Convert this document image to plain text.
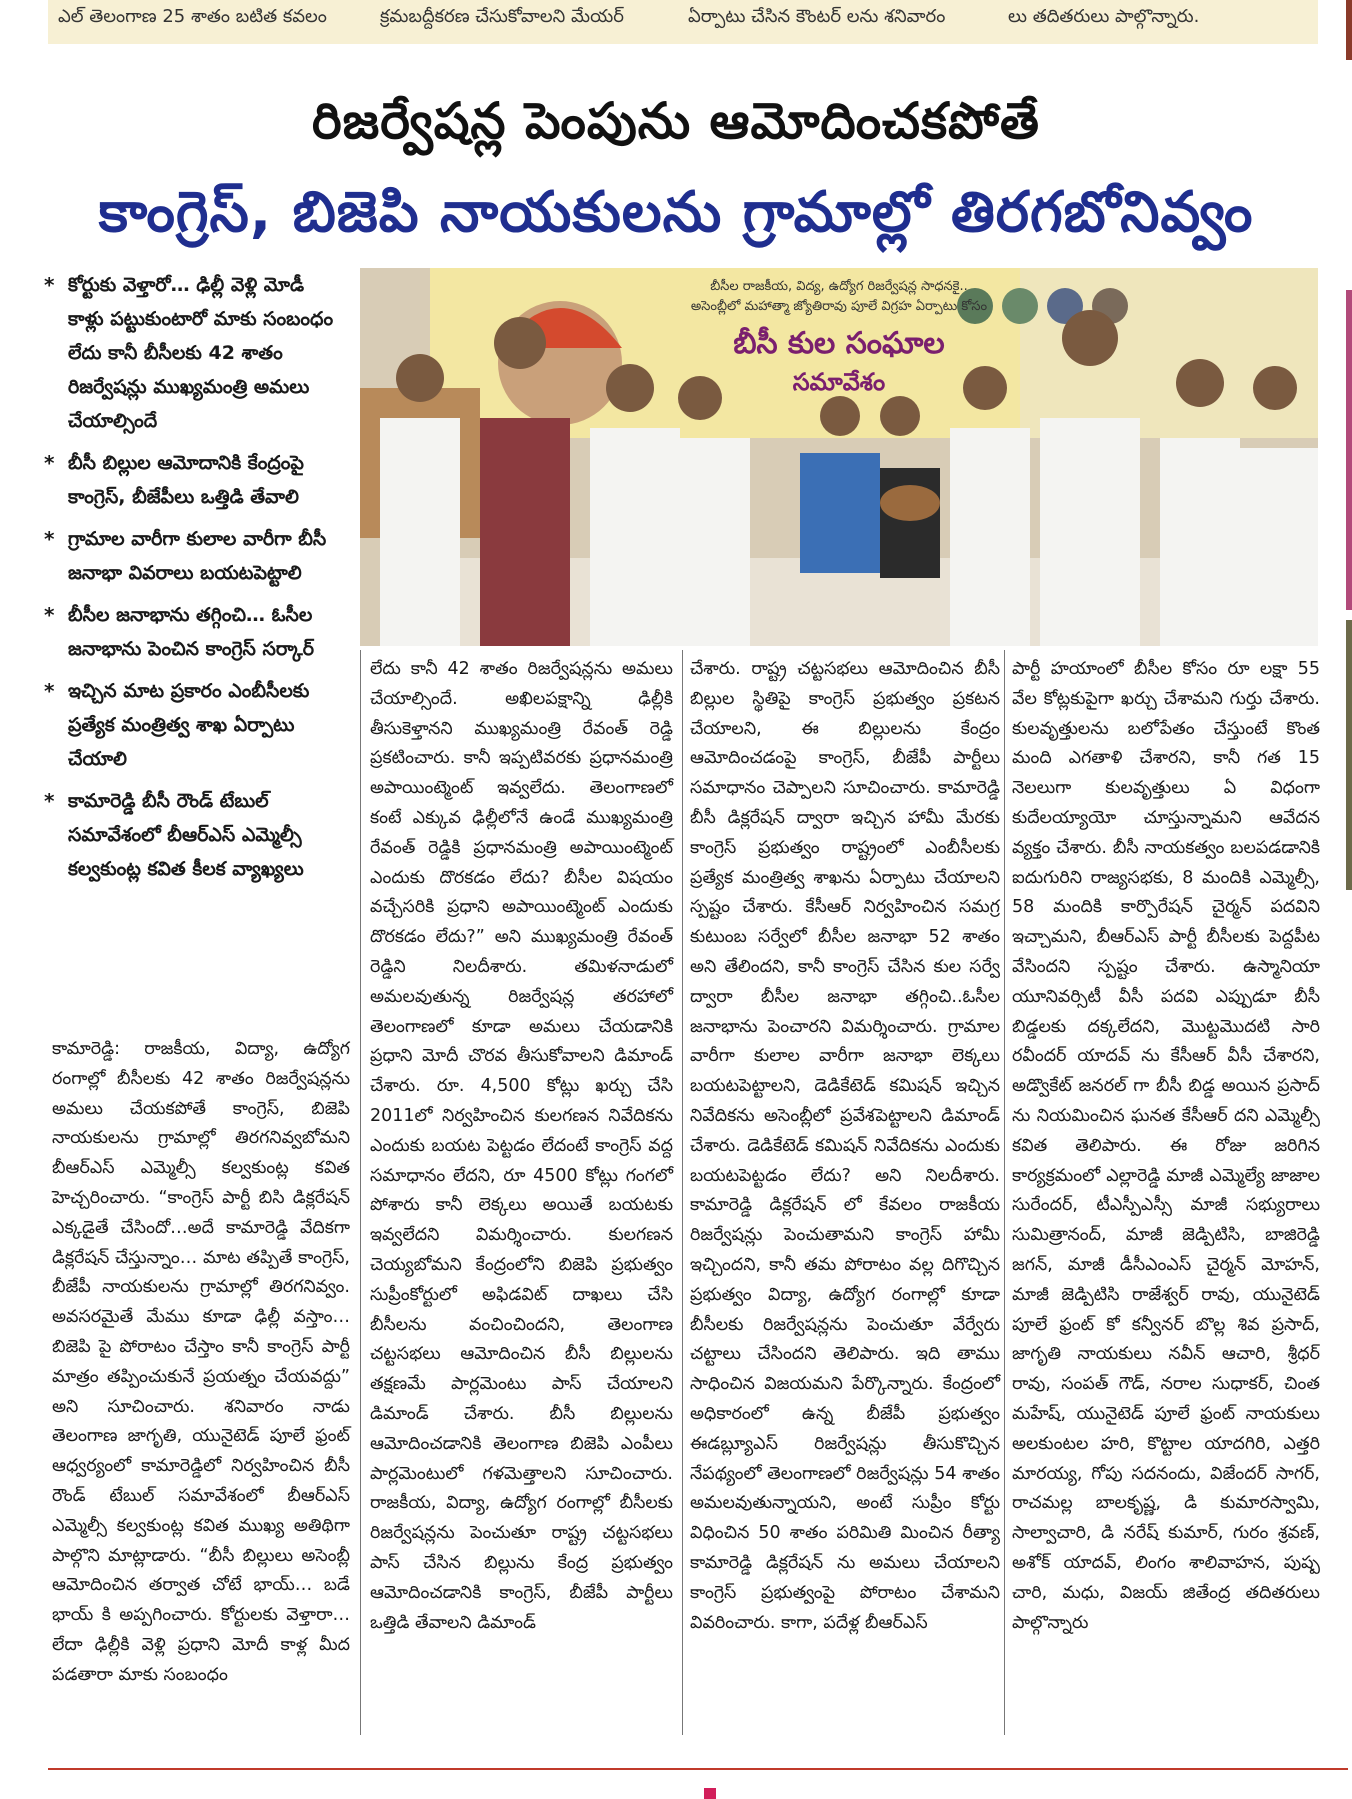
ఎల్ తెలంగాణ 25 శాతం బటిత కవలం	క్రమబద్దీకరణ చేసుకోవాలని మేయర్	ఏర్పాటు చేసిన కౌంటర్ లను శనివారం	లు తదితరులు పాల్గొన్నారు.
రిజర్వేషన్ల పెంపును ఆమోదించకపోతే
కాంగ్రెస్, బిజెపి నాయకులను గ్రామాల్లో తిరగబోనివ్వం
బీసీల రాజకీయ, విద్య, ఉద్యోగ రిజర్వేషన్ల సాధనకై..
అసెంబ్లీలో మహాత్మా జ్యోతిరావు పూలే విగ్రహ ఏర్పాటు కోసం
బీసీ కుల సంఘాల
సమావేశం
* కోర్టుకు వెళ్తారో… ఢిల్లీ వెళ్లి మోడీ కాళ్లు పట్టుకుంటారో మాకు సంబంధం లేదు కానీ బీసీలకు 42 శాతం రిజర్వేషన్లు ముఖ్యమంత్రి అమలు చేయాల్సిందే
* బీసీ బిల్లుల ఆమోదానికి కేంద్రంపై కాంగ్రెస్, బీజేపీలు ఒత్తిడి తేవాలి
* గ్రామాల వారీగా కులాల వారీగా బీసీ జనాభా వివరాలు బయటపెట్టాలి
* బీసీల జనాభాను తగ్గించి… ఓసీల జనాభాను పెంచిన కాంగ్రెస్ సర్కార్
* ఇచ్చిన మాట ప్రకారం ఎంబీసీలకు ప్రత్యేక మంత్రిత్వ శాఖ ఏర్పాటు చేయాలి
* కామారెడ్డి బీసీ రౌండ్ టేబుల్ సమావేశంలో బీఆర్ఎస్ ఎమ్మెల్సీ కల్వకుంట్ల కవిత కీలక వ్యాఖ్యలు
కామారెడ్డి: రాజకీయ, విద్యా, ఉద్యోగ రంగాల్లో బీసీలకు 42 శాతం రిజర్వేషన్లను అమలు చేయకపోతే కాంగ్రెస్, బిజెపి నాయకులను గ్రామాల్లో తిరగనివ్వబోమని బీఆర్ఎస్ ఎమ్మెల్సీ కల్వకుంట్ల కవిత హెచ్చరించారు. “కాంగ్రెస్ పార్టీ బిసి డిక్లరేషన్ ఎక్కడైతే చేసిందో…అదే కామారెడ్డి వేదికగా డిక్లరేషన్ చేస్తున్నాం… మాట తప్పితే కాంగ్రెస్, బీజేపీ నాయకులను గ్రామాల్లో తిరగనివ్వం. అవసరమైతే మేము కూడా ఢిల్లీ వస్తాం… బిజెపి పై పోరాటం చేస్తాం కానీ కాంగ్రెస్ పార్టీ మాత్రం తప్పించుకునే ప్రయత్నం చేయవద్దు” అని సూచించారు. శనివారం నాడు తెలంగాణ జాగృతి, యునైటెడ్ పూలే ఫ్రంట్ ఆధ్వర్యంలో కామారెడ్డిలో నిర్వహించిన బీసీ రౌండ్ టేబుల్ సమావేశంలో బీఆర్ఎస్ ఎమ్మెల్సీ కల్వకుంట్ల కవిత ముఖ్య అతిథిగా పాల్గొని మాట్లాడారు. “బీసీ బిల్లులు అసెంబ్లీ ఆమోదించిన తర్వాత చోటే భాయ్… బడే భాయ్ కి అప్పగించారు. కోర్టులకు వెళ్తారా… లేదా ఢిల్లీకి వెళ్లి ప్రధాని మోదీ కాళ్ల మీద పడతారా మాకు సంబంధం
లేదు కానీ 42 శాతం రిజర్వేషన్లను అమలు చేయాల్సిందే. అఖిలపక్షాన్ని ఢిల్లీకి తీసుకెళ్తానని ముఖ్యమంత్రి రేవంత్ రెడ్డి ప్రకటించారు. కానీ ఇప్పటివరకు ప్రధానమంత్రి అపాయింట్మెంట్ ఇవ్వలేదు. తెలంగాణలో కంటే ఎక్కువ ఢిల్లీలోనే ఉండే ముఖ్యమంత్రి రేవంత్ రెడ్డికి ప్రధానమంత్రి అపాయింట్మెంట్ ఎందుకు దొరకడం లేదు? బీసీల విషయం వచ్చేసరికి ప్రధాని అపాయింట్మెంట్ ఎందుకు దొరకడం లేదు?” అని ముఖ్యమంత్రి రేవంత్ రెడ్డిని నిలదీశారు. తమిళనాడులో అమలవుతున్న రిజర్వేషన్ల తరహాలో తెలంగాణలో కూడా అమలు చేయడానికి ప్రధాని మోదీ చొరవ తీసుకోవాలని డిమాండ్ చేశారు. రూ. 4,500 కోట్లు ఖర్చు చేసి 2011లో నిర్వహించిన కులగణన నివేదికను ఎందుకు బయట పెట్టడం లేదంటే కాంగ్రెస్ వద్ద సమాధానం లేదని, రూ 4500 కోట్లు గంగలో పోశారు కానీ లెక్కలు అయితే బయటకు ఇవ్వలేదని విమర్శించారు. కులగణన చెయ్యబోమని కేంద్రంలోని బిజెపి ప్రభుత్వం సుప్రీంకోర్టులో అఫిడవిట్ దాఖలు చేసి బీసీలను వంచించిందని, తెలంగాణ చట్టసభలు ఆమోదించిన బీసీ బిల్లులను తక్షణమే పార్లమెంటు పాస్ చేయాలని డిమాండ్ చేశారు. బీసీ బిల్లులను ఆమోదించడానికి తెలంగాణ బిజెపి ఎంపీలు పార్లమెంటులో గళమెత్తాలని సూచించారు. రాజకీయ, విద్యా, ఉద్యోగ రంగాల్లో బీసీలకు రిజర్వేషన్లను పెంచుతూ రాష్ట్ర చట్టసభలు పాస్ చేసిన బిల్లును కేంద్ర ప్రభుత్వం ఆమోదించడానికి కాంగ్రెస్, బీజేపీ పార్టీలు ఒత్తిడి తేవాలని డిమాండ్
చేశారు. రాష్ట్ర చట్టసభలు ఆమోదించిన బీసీ బిల్లుల స్థితిపై కాంగ్రెస్ ప్రభుత్వం ప్రకటన చేయాలని, ఈ బిల్లులను కేంద్రం ఆమోదించడంపై కాంగ్రెస్, బీజేపీ పార్టీలు సమాధానం చెప్పాలని సూచించారు. కామారెడ్డి బీసీ డిక్లరేషన్ ద్వారా ఇచ్చిన హామీ మేరకు కాంగ్రెస్ ప్రభుత్వం రాష్ట్రంలో ఎంబీసీలకు ప్రత్యేక మంత్రిత్వ శాఖను ఏర్పాటు చేయాలని స్పష్టం చేశారు. కేసీఆర్ నిర్వహించిన సమగ్ర కుటుంబ సర్వేలో బీసీల జనాభా 52 శాతం అని తేలిందని, కానీ కాంగ్రెస్ చేసిన కుల సర్వే ద్వారా బీసీల జనాభా తగ్గించి..ఓసీల జనాభాను పెంచారని విమర్శించారు. గ్రామాల వారీగా కులాల వారీగా జనాభా లెక్కలు బయటపెట్టాలని, డెడికేటెడ్ కమిషన్ ఇచ్చిన నివేదికను అసెంబ్లీలో ప్రవేశపెట్టాలని డిమాండ్ చేశారు. డెడికేటెడ్ కమిషన్ నివేదికను ఎందుకు బయటపెట్టడం లేదు? అని నిలదీశారు. కామారెడ్డి డిక్లరేషన్ లో కేవలం రాజకీయ రిజర్వేషన్లు పెంచుతామని కాంగ్రెస్ హామీ ఇచ్చిందని, కానీ తమ పోరాటం వల్ల దిగొచ్చిన ప్రభుత్వం విద్యా, ఉద్యోగ రంగాల్లో కూడా బీసీలకు రిజర్వేషన్లను పెంచుతూ వేర్వేరు చట్టాలు చేసిందని తెలిపారు. ఇది తాము సాధించిన విజయమని పేర్కొన్నారు. కేంద్రంలో అధికారంలో ఉన్న బీజేపీ ప్రభుత్వం ఈడబ్ల్యూఎస్ రిజర్వేషన్లు తీసుకొచ్చిన నేపథ్యంలో తెలంగాణలో రిజర్వేషన్లు 54 శాతం అమలవుతున్నాయని, అంటే సుప్రీం కోర్టు విధించిన 50 శాతం పరిమితి మించిన రీత్యా కామారెడ్డి డిక్లరేషన్ ను అమలు చేయాలని కాంగ్రెస్ ప్రభుత్వంపై పోరాటం చేశామని వివరించారు. కాగా, పదేళ్ల బీఆర్ఎస్
పార్టీ హయాంలో బీసీల కోసం రూ లక్షా 55 వేల కోట్లకుపైగా ఖర్చు చేశామని గుర్తు చేశారు. కులవృత్తులను బలోపేతం చేస్తుంటే కొంత మంది ఎగతాళి చేశారని, కానీ గత 15 నెలలుగా కులవృత్తులు ఏ విధంగా కుదేలయ్యాయో చూస్తున్నామని ఆవేదన వ్యక్తం చేశారు. బీసీ నాయకత్వం బలపడడానికి ఐదుగురిని రాజ్యసభకు, 8 మందికి ఎమ్మెల్సీ, 58 మందికి కార్పొరేషన్ చైర్మన్ పదవిని ఇచ్చామని, బీఆర్ఎస్ పార్టీ బీసీలకు పెద్దపీట వేసిందని స్పష్టం చేశారు. ఉస్మానియా యూనివర్సిటీ వీసీ పదవి ఎప్పుడూ బీసీ బిడ్డలకు దక్కలేదని, మొట్టమొదటి సారి రవీందర్ యాదవ్ ను కేసీఆర్ వీసీ చేశారని, అడ్వొకేట్ జనరల్ గా బీసీ బిడ్డ అయిన ప్రసాద్ ను నియమించిన ఘనత కేసీఆర్ దని ఎమ్మెల్సీ కవిత తెలిపారు. ఈ రోజు జరిగిన కార్యక్రమంలో ఎల్లారెడ్డి మాజీ ఎమ్మెల్యే జాజాల సురేందర్, టీఎస్పీఎస్సీ మాజీ సభ్యురాలు సుమిత్రానంద్, మాజీ జెడ్పిటిసి, బాజిరెడ్డి జగన్, మాజీ డీసీఎంఎస్ చైర్మన్ మోహన్, మాజీ జెడ్పిటిసి రాజేశ్వర్ రావు, యునైటెడ్ పూలే ఫ్రంట్ కో కన్వీనర్ బొల్ల శివ ప్రసాద్, జాగృతి నాయకులు నవీన్ ఆచారి, శ్రీధర్ రావు, సంపత్ గౌడ్, నరాల సుధాకర్, చింత మహేష్, యునైటెడ్ పూలే ఫ్రంట్ నాయకులు అలకుంటల హరి, కొట్టాల యాదగిరి, ఎత్తరి మారయ్య, గోపు సదనందు, విజేందర్ సాగర్, రాచమల్ల బాలకృష్ణ, డి కుమారస్వామి, సాల్వాచారి, డి నరేష్ కుమార్, గురం శ్రవణ్, అశోక్ యాదవ్, లింగం శాలివాహన, పుష్ప చారి, మధు, విజయ్ జితేంద్ర తదితరులు పాల్గొన్నారు
